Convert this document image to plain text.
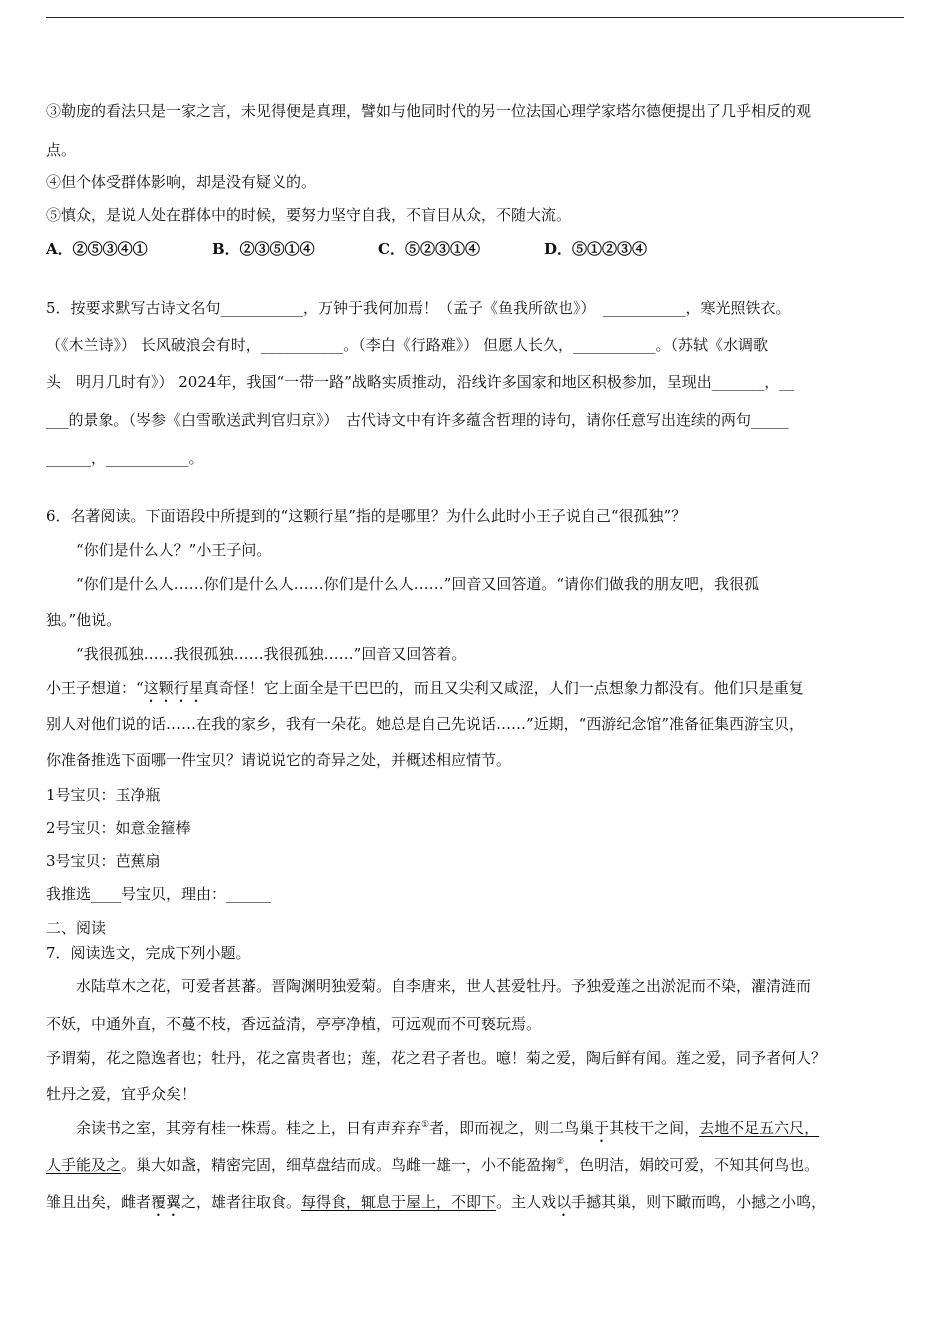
③勒庞的看法只是一家之言，未见得便是真理，譬如与他同时代的另一位法国心理学家塔尔德便提出了几乎相反的观
点。
④但个体受群体影响，却是没有疑义的。
⑤慎众，是说人处在群体中的时候，要努力坚守自我，不盲目从众，不随大流。
A．②⑤③④①	B．②③⑤①④	C．⑤②③①④	D．⑤①②③④
5．按要求默写古诗文名句___________，万钟于我何加焉！（孟子《鱼我所欲也》）　___________，寒光照铁衣。
（《木兰诗》） 长风破浪会有时，___________。（李白《行路难》） 但愿人长久，___________。（苏轼《水调歌
头　明月几时有》） 2024年，我国“一带一路”战略实质推动，沿线许多国家和地区积极参加，呈现出_______，__
___的景象。（岑参《白雪歌送武判官归京》）　古代诗文中有许多蕴含哲理的诗句，请你任意写出连续的两句_____
______，___________。
6．名著阅读。下面语段中所提到的“这颗行星”指的是哪里？为什么此时小王子说自己“很孤独”？
“你们是什么人？”小王子问。
“你们是什么人……你们是什么人……你们是什么人……”回音又回答道。“请你们做我的朋友吧，我很孤
独。”他说。
“我很孤独……我很孤独……我很孤独……”回音又回答着。
小王子想道：“这颗行星真奇怪！它上面全是干巴巴的，而且又尖利又咸涩，人们一点想象力都没有。他们只是重复
别人对他们说的话……在我的家乡，我有一朵花。她总是自己先说话……”近期，“西游纪念馆”准备征集西游宝贝，
你准备推选下面哪一件宝贝？请说说它的奇异之处，并概述相应情节。
1号宝贝：玉净瓶
2号宝贝：如意金箍棒
3号宝贝：芭蕉扇
我推选____号宝贝，理由：______
二、阅读
7．阅读选文，完成下列小题。
水陆草木之花，可爱者甚蕃。晋陶渊明独爱菊。自李唐来，世人甚爱牡丹。予独爱莲之出淤泥而不染，濯清涟而
不妖，中通外直，不蔓不枝，香远益清，亭亭净植，可远观而不可亵玩焉。
予谓菊，花之隐逸者也；牡丹，花之富贵者也；莲，花之君子者也。噫！菊之爱，陶后鲜有闻。莲之爱，同予者何人？
牡丹之爱，宜乎众矣！
余读书之室，其旁有桂一株焉。桂之上，日有声弃弃①者，即而视之，则二鸟巢于其枝干之间，去地不足五六尺，
人手能及之。巢大如盏，精密完固，细草盘结而成。鸟雌一雄一，小不能盈掬②，色明洁，娟皎可爱，不知其何鸟也。
雏且出矣，雌者覆翼之，雄者往取食。每得食，辄息于屋上，不即下。主人戏以手撼其巢，则下瞰而鸣，小撼之小鸣，
